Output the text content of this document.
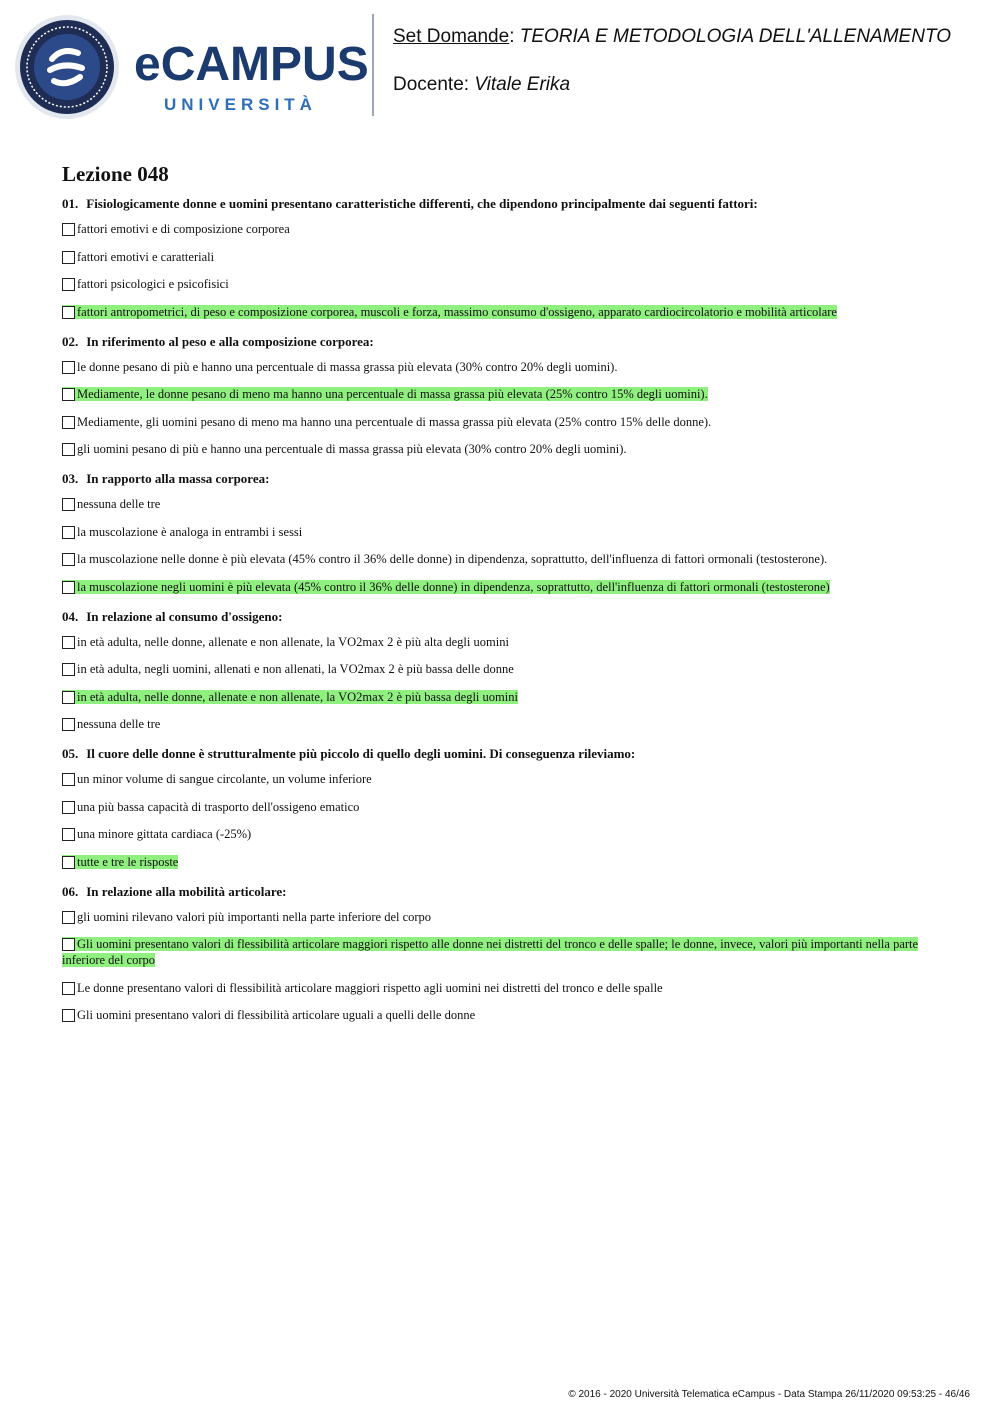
eCAMPUS
UNIVERSITÀ
Set Domande: TEORIA E METODOLOGIA DELL'ALLENAMENTO
Docente: Vitale Erika
Lezione 048
01. Fisiologicamente donne e uomini presentano caratteristiche differenti, che dipendono principalmente dai seguenti fattori:
fattori emotivi e di composizione corporea
fattori emotivi e caratteriali
fattori psicologici e psicofisici
fattori antropometrici, di peso e composizione corporea, muscoli e forza, massimo consumo d'ossigeno, apparato cardiocircolatorio e mobilità articolare
02. In riferimento al peso e alla composizione corporea:
le donne pesano di più e hanno una percentuale di massa grassa più elevata (30% contro 20% degli uomini).
Mediamente, le donne pesano di meno ma hanno una percentuale di massa grassa più elevata (25% contro 15% degli uomini).
Mediamente, gli uomini pesano di meno ma hanno una percentuale di massa grassa più elevata (25% contro 15% delle donne).
gli uomini pesano di più e hanno una percentuale di massa grassa più elevata (30% contro 20% degli uomini).
03. In rapporto alla massa corporea:
nessuna delle tre
la muscolazione è analoga in entrambi i sessi
la muscolazione nelle donne è più elevata (45% contro il 36% delle donne) in dipendenza, soprattutto, dell'influenza di fattori ormonali (testosterone).
la muscolazione negli uomini è più elevata (45% contro il 36% delle donne) in dipendenza, soprattutto, dell'influenza di fattori ormonali (testosterone)
04. In relazione al consumo d'ossigeno:
in età adulta, nelle donne, allenate e non allenate, la VO2max 2 è più alta degli uomini
in età adulta, negli uomini, allenati e non allenati, la VO2max 2 è più bassa delle donne
in età adulta, nelle donne, allenate e non allenate, la VO2max 2 è più bassa degli uomini
nessuna delle tre
05. Il cuore delle donne è strutturalmente più piccolo di quello degli uomini. Di conseguenza rileviamo:
un minor volume di sangue circolante, un volume inferiore
una più bassa capacità di trasporto dell'ossigeno ematico
una minore gittata cardiaca (-25%)
tutte e tre le risposte
06. In relazione alla mobilità articolare:
gli uomini rilevano valori più importanti nella parte inferiore del corpo
Gli uomini presentano valori di flessibilità articolare maggiori rispetto alle donne nei distretti del tronco e delle spalle; le donne, invece, valori più importanti nella parte inferiore del corpo
Le donne presentano valori di flessibilità articolare maggiori rispetto agli uomini nei distretti del tronco e delle spalle
Gli uomini presentano valori di flessibilità articolare uguali a quelli delle donne
© 2016 - 2020 Università Telematica eCampus - Data Stampa 26/11/2020 09:53:25 - 46/46
